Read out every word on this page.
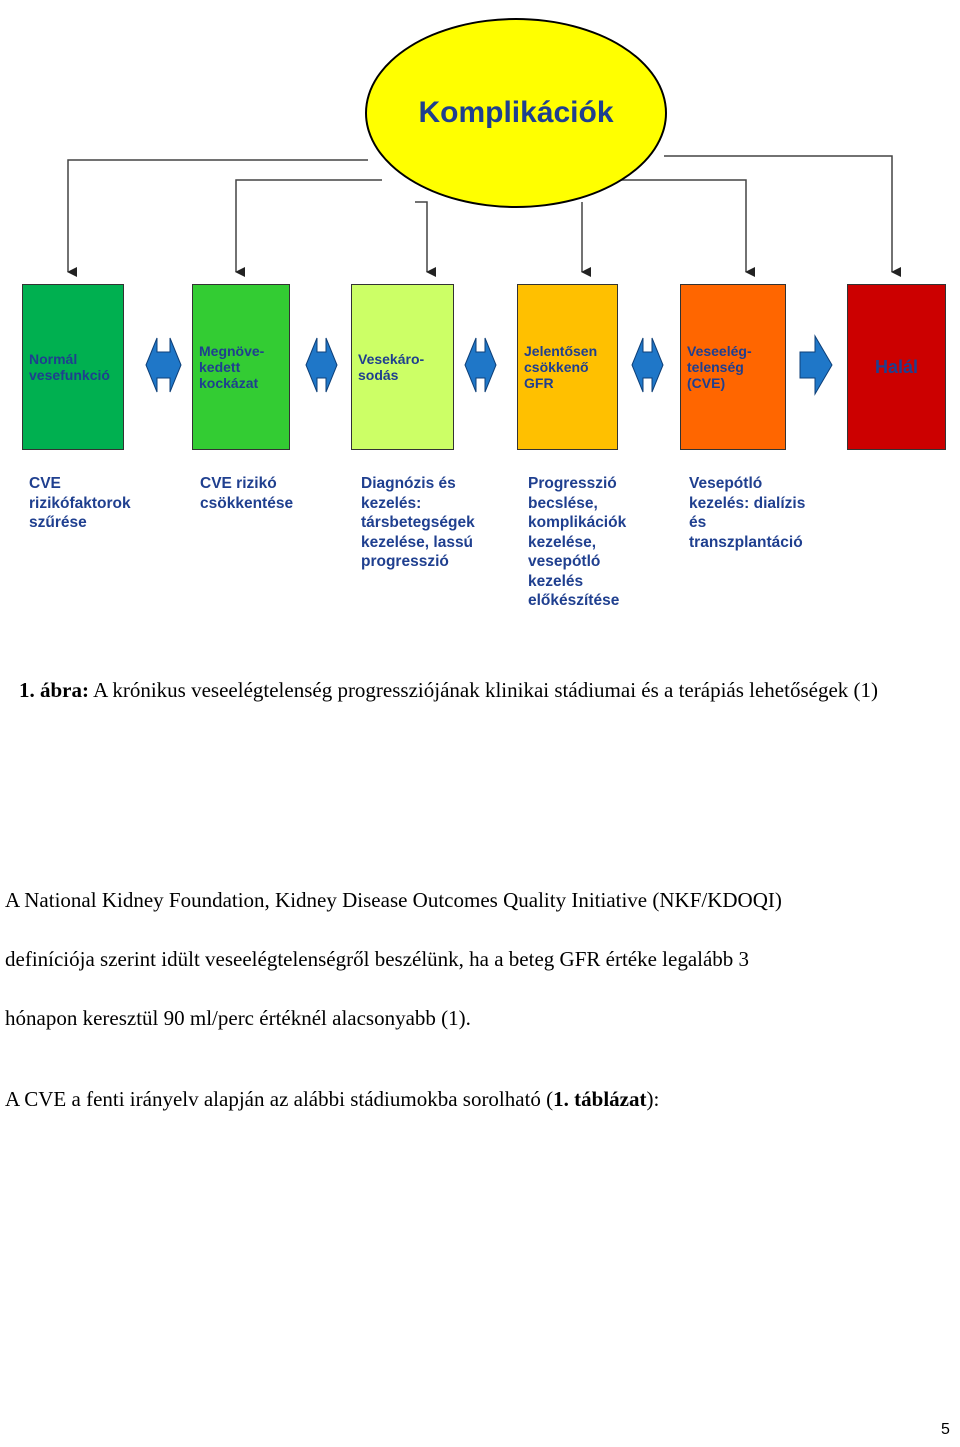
Komplikációk
Normál
vesefunkció
Megnöve-
kedett
kockázat
Vesekáro-
sodás
Jelentősen
csökkenő
GFR
Veseelég-
telenség
(CVE)
Halál
CVE
rizikófaktorok
szűrése
CVE rizikó
csökkentése
Diagnózis és
kezelés:
társbetegségek
kezelése, lassú
progresszió
Progresszió
becslése,
komplikációk
kezelése,
vesepótló
kezelés
előkészítése
Vesepótló
kezelés: dialízis
és
transzplantáció
1. ábra: A krónikus veseelégtelenség progressziójának klinikai stádiumai és a terápiás lehetőségek (1)

A National Kidney Foundation, Kidney Disease Outcomes Quality Initiative (NKF/KDOQI)

definíciója szerint idült veseelégtelenségről beszélünk, ha a beteg GFR értéke legalább 3

hónapon keresztül 90 ml/perc értéknél alacsonyabb (1).

A CVE a fenti irányelv alapján az alábbi stádiumokba sorolható (1. táblázat):

5
